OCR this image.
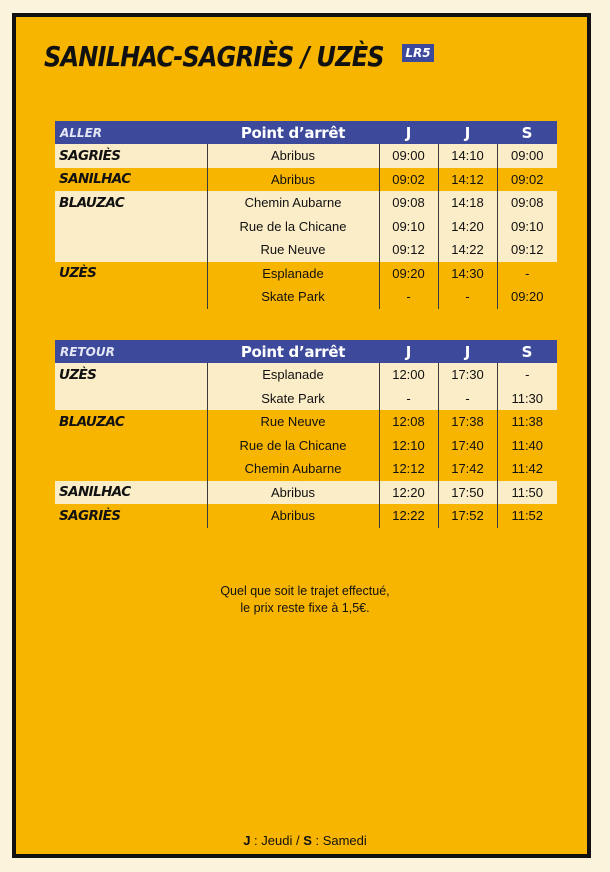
SANILHAC-SAGRIÈS / UZÈS LR5
ALLER	Point d’arrêt	J	J	S
SAGRIÈS	Abribus	09:00	14:10	09:00
SANILHAC	Abribus	09:02	14:12	09:02
BLAUZAC	Chemin Aubarne	09:08	14:18	09:08
	Rue de la Chicane	09:10	14:20	09:10
	Rue Neuve	09:12	14:22	09:12
UZÈS	Esplanade	09:20	14:30	-
	Skate Park	-	-	09:20
RETOUR	Point d’arrêt	J	J	S
UZÈS	Esplanade	12:00	17:30	-
	Skate Park	-	-	11:30
BLAUZAC	Rue Neuve	12:08	17:38	11:38
	Rue de la Chicane	12:10	17:40	11:40
	Chemin Aubarne	12:12	17:42	11:42
SANILHAC	Abribus	12:20	17:50	11:50
SAGRIÈS	Abribus	12:22	17:52	11:52
Quel que soit le trajet effectué,
le prix reste fixe à 1,5€.
J : Jeudi / S : Samedi
